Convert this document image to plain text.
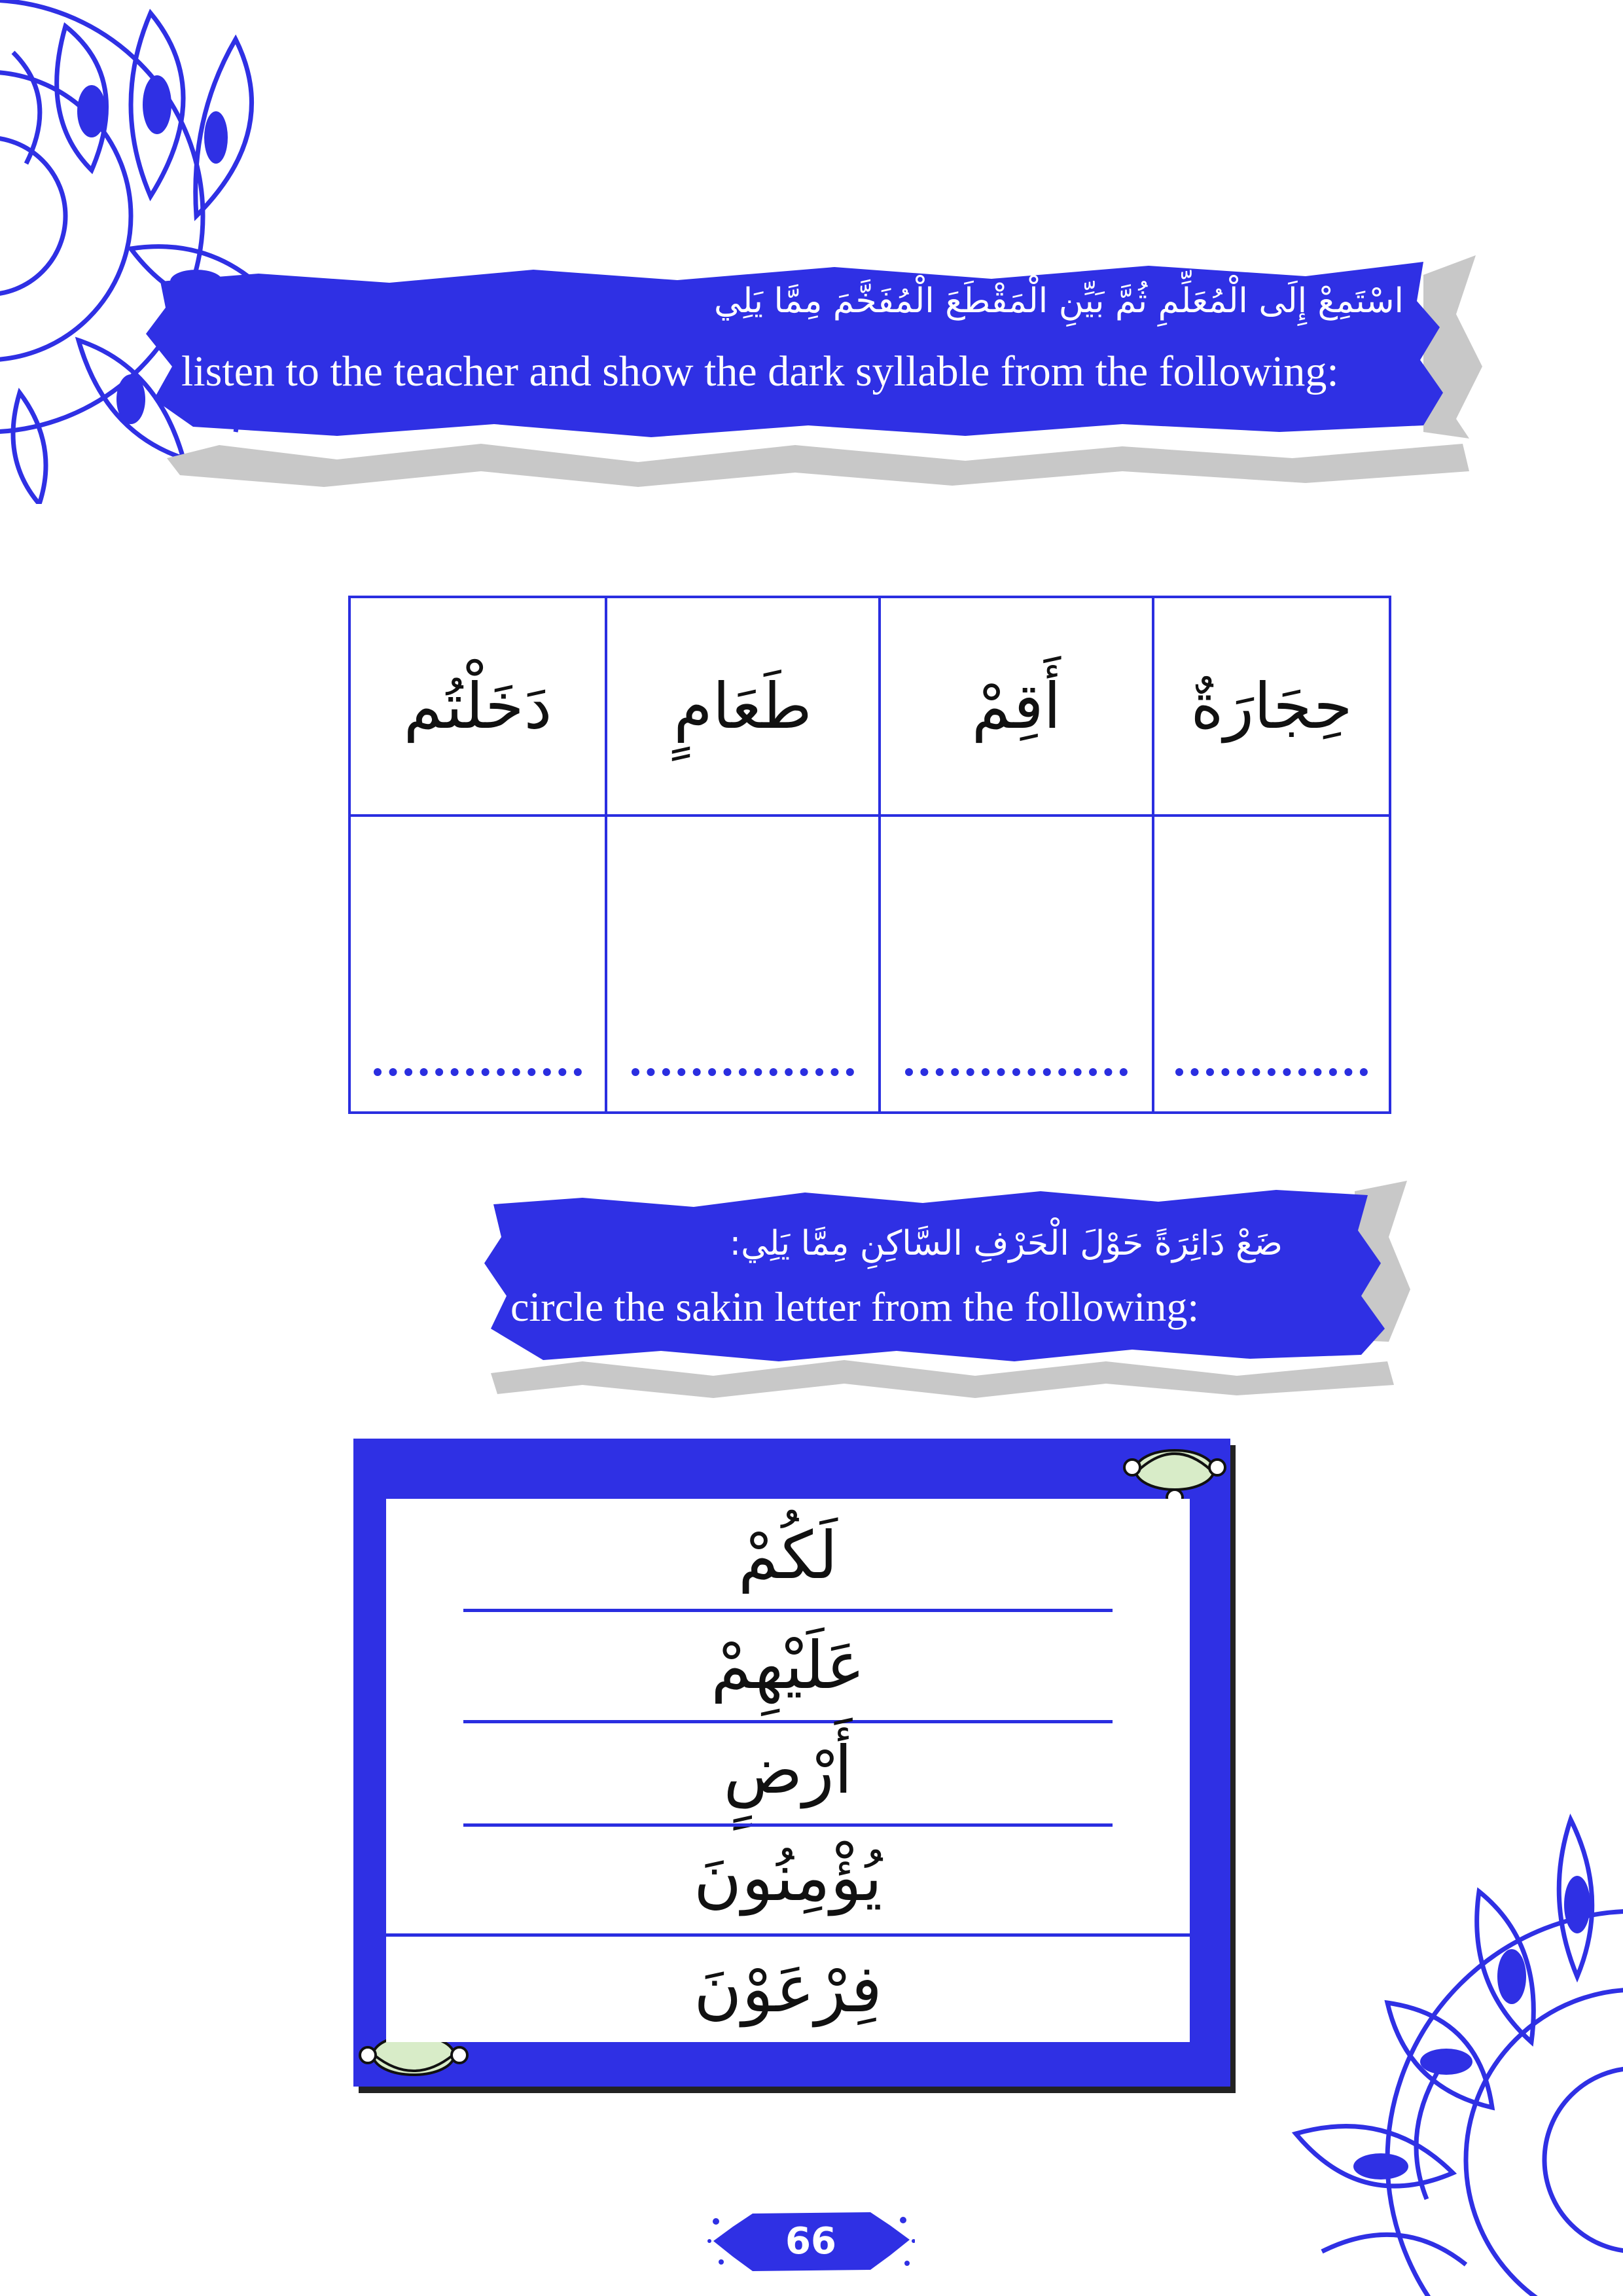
اسْتَمِعْ إِلَى الْمُعَلِّمِ ثُمَّ بَيِّنِ الْمَقْطَعَ الْمُفَخَّمَ مِمَّا يَلِي
listen to the teacher and show the dark syllable from the following:
دَخَلْتُم	طَعَامٍ	أَقِمْ	حِجَارَةٌ

ضَعْ دَائِرَةً حَوْلَ الْحَرْفِ السَّاكِنِ مِمَّا يَلِي:
circle the sakin letter from the following:
لَكُمْ
عَلَيْهِمْ
أَرْضٍ
يُؤْمِنُونَ
فِرْعَوْنَ
66
